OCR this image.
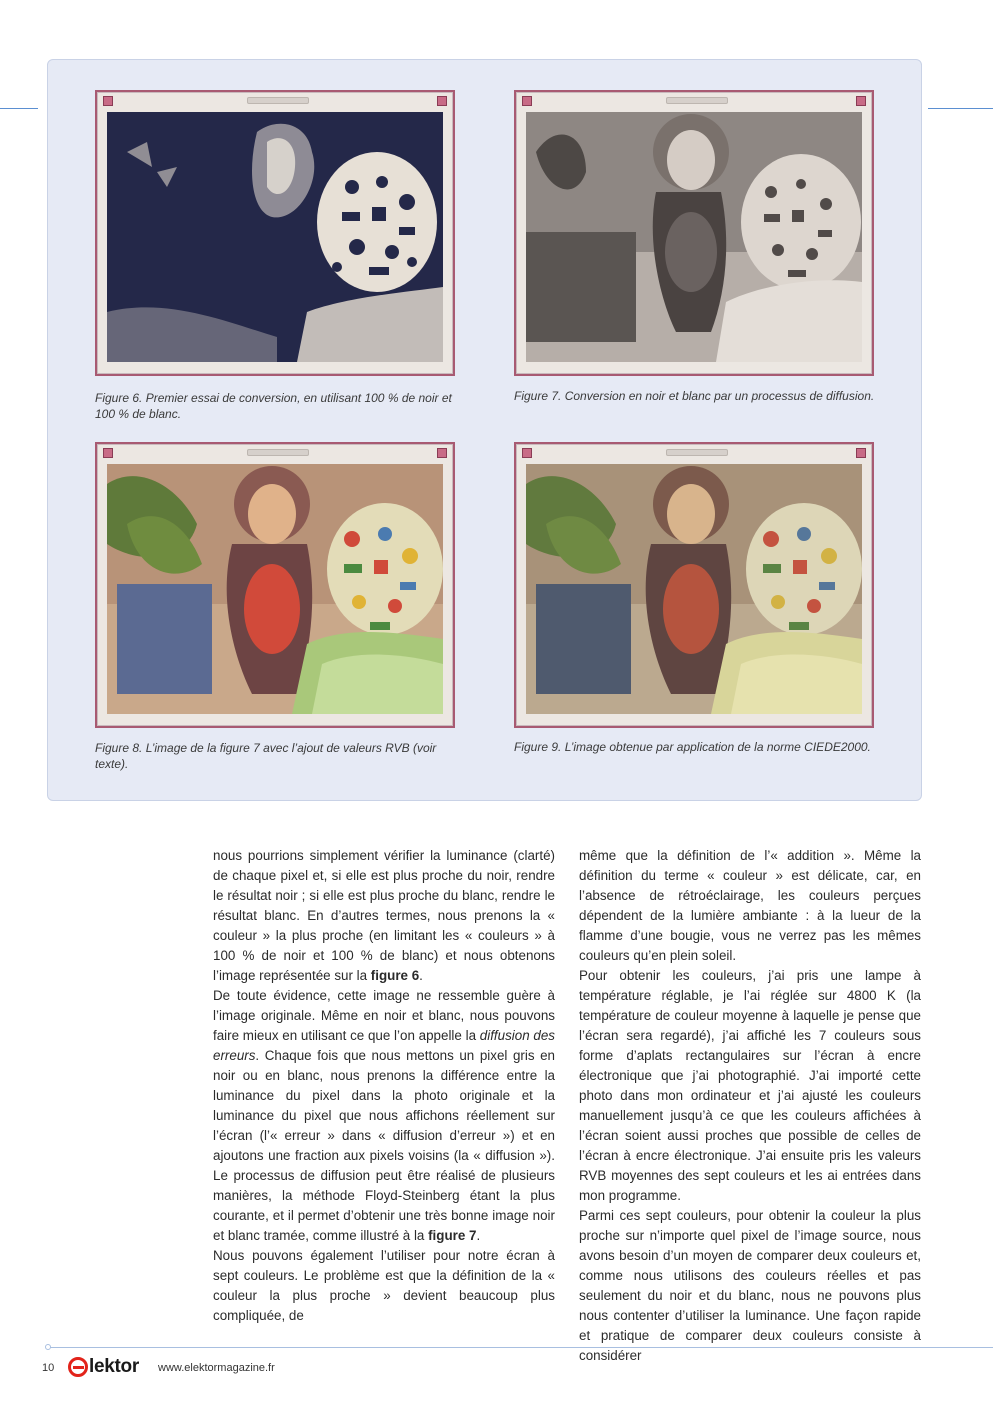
Figure 6. Premier essai de conversion, en utilisant 100 % de noir et 100 % de blanc.
Figure 7. Conversion en noir et blanc par un processus de diffusion.
Figure 8. L’image de la figure 7 avec l’ajout de valeurs RVB (voir texte).
Figure 9. L’image obtenue par application de la norme CIEDE2000.

nous pourrions simplement vérifier la luminance (clarté) de chaque pixel et, si elle est plus proche du noir, rendre le résultat noir ; si elle est plus proche du blanc, rendre le résultat blanc. En d’autres termes, nous prenons la « couleur » la plus proche (en limitant les « couleurs » à 100 % de noir et 100 % de blanc) et nous obtenons l’image représentée sur la figure 6.

De toute évidence, cette image ne ressemble guère à l’image originale. Même en noir et blanc, nous pouvons faire mieux en utilisant ce que l’on appelle la diffusion des erreurs. Chaque fois que nous mettons un pixel gris en noir ou en blanc, nous prenons la différence entre la luminance du pixel dans la photo originale et la luminance du pixel que nous affichons réellement sur l’écran (l’« erreur » dans « diffusion d’erreur ») et en ajoutons une fraction aux pixels voisins (la « diffusion »). Le processus de diffusion peut être réalisé de plusieurs manières, la méthode Floyd-Steinberg étant la plus courante, et il permet d’obtenir une très bonne image noir et blanc tramée, comme illustré à la figure 7.

Nous pouvons également l’utiliser pour notre écran à sept couleurs. Le problème est que la définition de la « couleur la plus proche » devient beaucoup plus compliquée, de

même que la définition de l’« addition ». Même la définition du terme « couleur » est délicate, car, en l’absence de rétroéclairage, les couleurs perçues dépendent de la lumière ambiante : à la lueur de la flamme d’une bougie, vous ne verrez pas les mêmes couleurs qu’en plein soleil.

Pour obtenir les couleurs, j’ai pris une lampe à température réglable, je l’ai réglée sur 4800 K (la température de couleur moyenne à laquelle je pense que l’écran sera regardé), j’ai affiché les 7 couleurs sous forme d’aplats rectangulaires sur l’écran à encre électronique que j’ai photographié. J’ai importé cette photo dans mon ordinateur et j’ai ajusté les couleurs manuellement jusqu’à ce que les couleurs affichées à l’écran soient aussi proches que possible de celles de l’écran à encre électronique. J’ai ensuite pris les valeurs RVB moyennes des sept couleurs et les ai entrées dans mon programme.

Parmi ces sept couleurs, pour obtenir la couleur la plus proche sur n’importe quel pixel de l’image source, nous avons besoin d’un moyen de comparer deux couleurs et, comme nous utilisons des couleurs réelles et pas seulement du noir et du blanc, nous ne pouvons plus nous contenter d’utiliser la luminance. Une façon rapide et pratique de comparer deux couleurs consiste à considérer

10 lektor www.elektormagazine.fr
